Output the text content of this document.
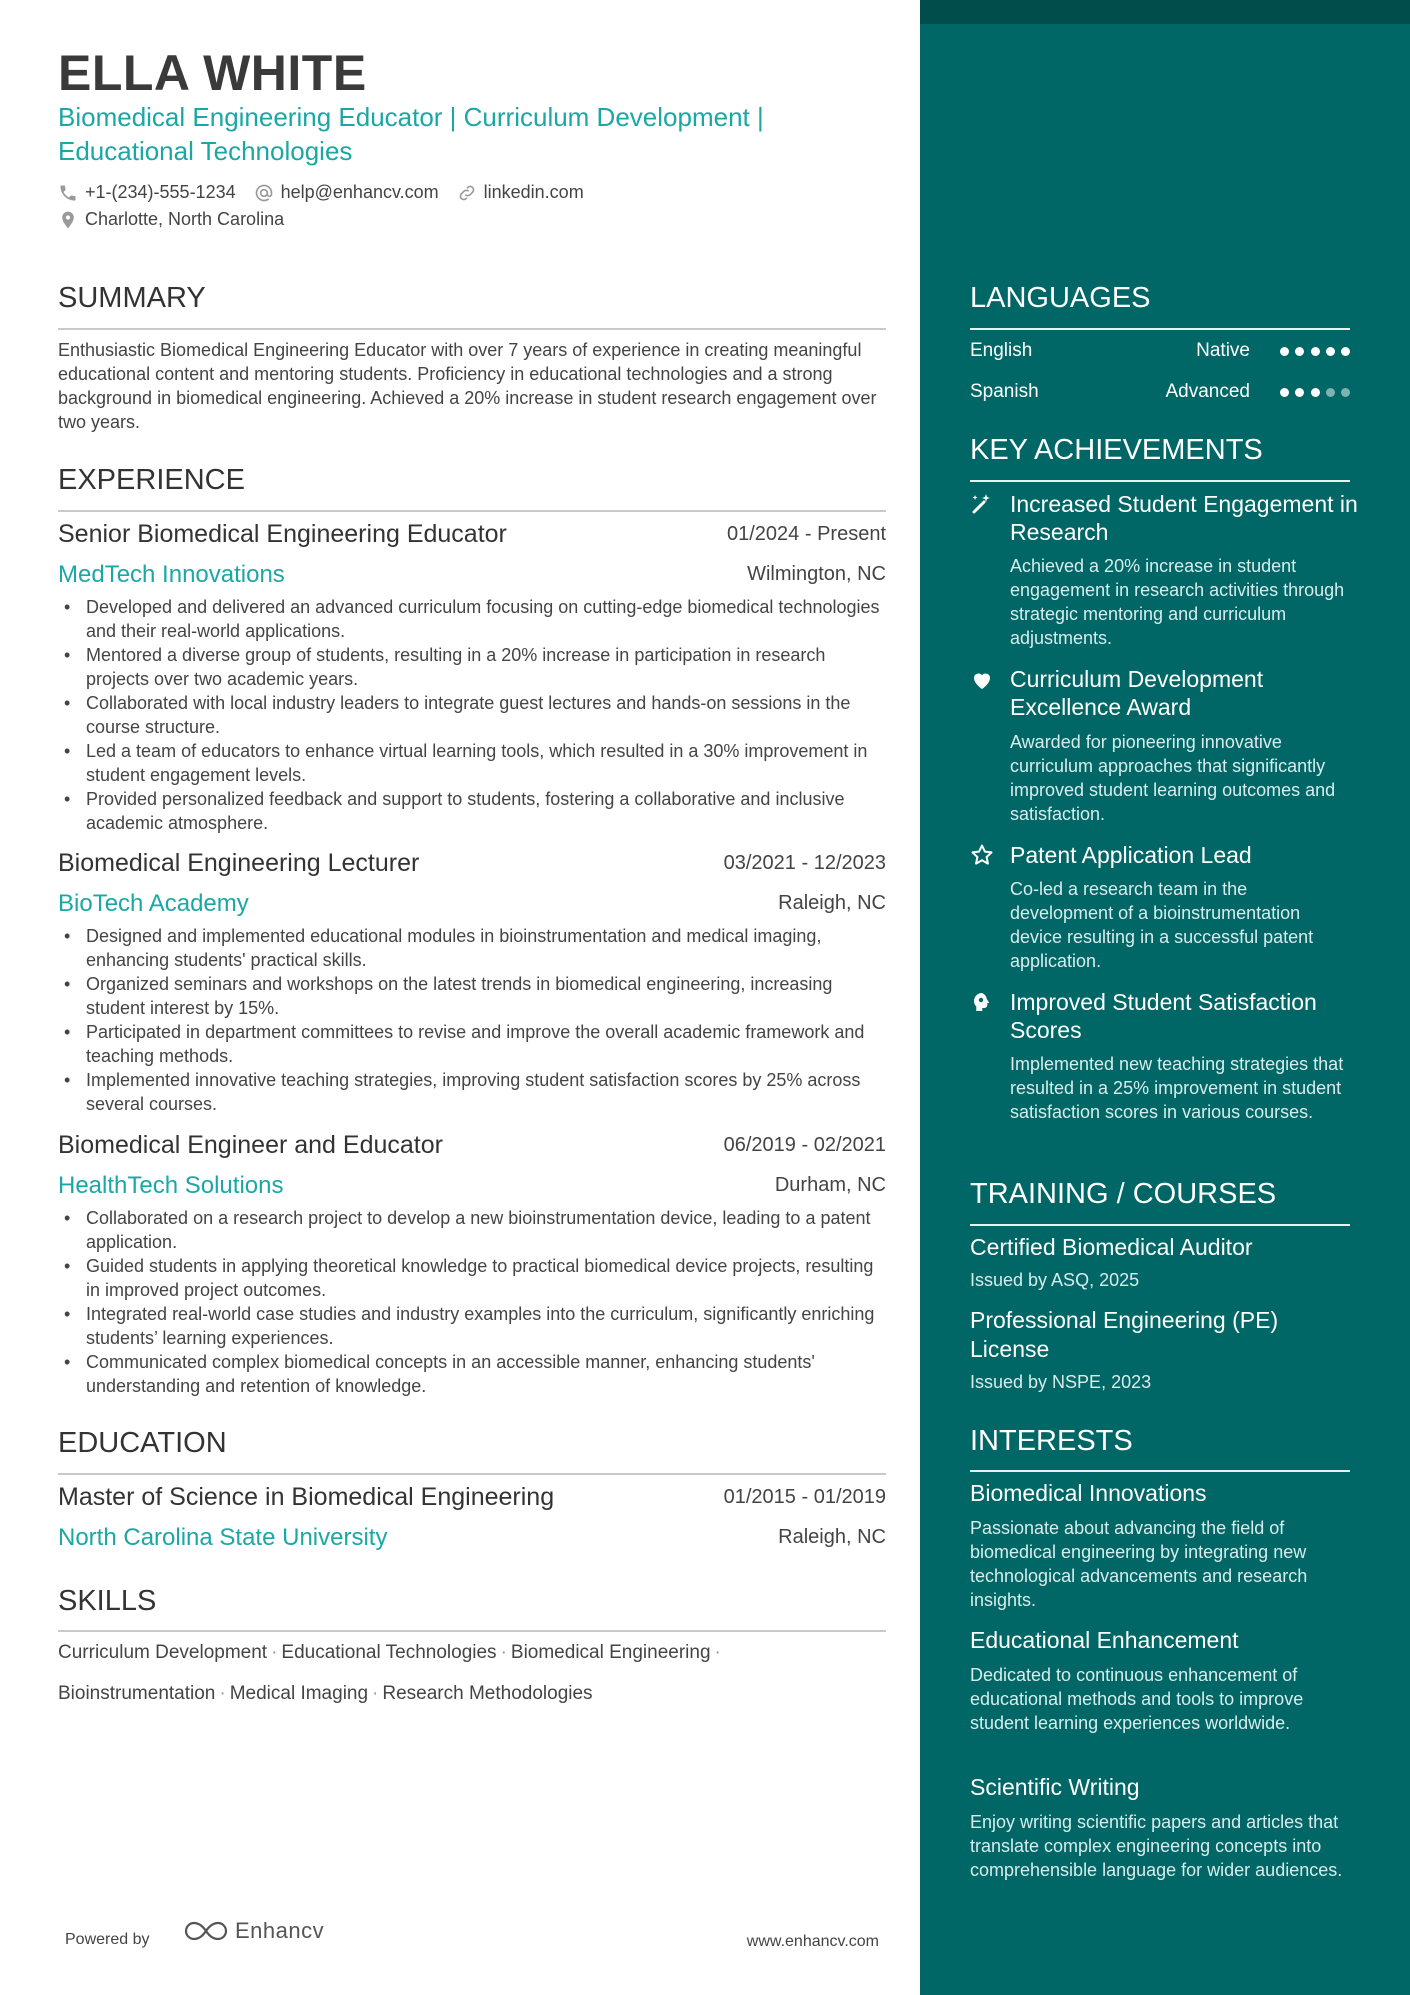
ELLA WHITE
Biomedical Engineering Educator | Curriculum Development |
Educational Technologies
+1-(234)-555-1234	help@enhancv.com	linkedin.com
Charlotte, North Carolina
SUMMARY
Enthusiastic Biomedical Engineering Educator with over 7 years of experience in creating meaningful educational content and mentoring students. Proficiency in educational technologies and a strong background in biomedical engineering. Achieved a 20% increase in student research engagement over two years.
EXPERIENCE
Senior Biomedical Engineering Educator	01/2024 - Present
MedTech Innovations	Wilmington, NC
• Developed and delivered an advanced curriculum focusing on cutting-edge biomedical technologies and their real-world applications.
• Mentored a diverse group of students, resulting in a 20% increase in participation in research projects over two academic years.
• Collaborated with local industry leaders to integrate guest lectures and hands-on sessions in the course structure.
• Led a team of educators to enhance virtual learning tools, which resulted in a 30% improvement in student engagement levels.
• Provided personalized feedback and support to students, fostering a collaborative and inclusive academic atmosphere.
Biomedical Engineering Lecturer	03/2021 - 12/2023
BioTech Academy	Raleigh, NC
• Designed and implemented educational modules in bioinstrumentation and medical imaging, enhancing students' practical skills.
• Organized seminars and workshops on the latest trends in biomedical engineering, increasing student interest by 15%.
• Participated in department committees to revise and improve the overall academic framework and teaching methods.
• Implemented innovative teaching strategies, improving student satisfaction scores by 25% across several courses.
Biomedical Engineer and Educator	06/2019 - 02/2021
HealthTech Solutions	Durham, NC
• Collaborated on a research project to develop a new bioinstrumentation device, leading to a patent application.
• Guided students in applying theoretical knowledge to practical biomedical device projects, resulting in improved project outcomes.
• Integrated real-world case studies and industry examples into the curriculum, significantly enriching students’ learning experiences.
• Communicated complex biomedical concepts in an accessible manner, enhancing students' understanding and retention of knowledge.
EDUCATION
Master of Science in Biomedical Engineering	01/2015 - 01/2019
North Carolina State University	Raleigh, NC
SKILLS
Curriculum Development · Educational Technologies · Biomedical Engineering ·
Bioinstrumentation · Medical Imaging · Research Methodologies
Powered by	Enhancv	www.enhancv.com
LANGUAGES
English	Native
Spanish	Advanced
KEY ACHIEVEMENTS
Increased Student Engagement in Research
Achieved a 20% increase in student engagement in research activities through strategic mentoring and curriculum adjustments.
Curriculum Development Excellence Award
Awarded for pioneering innovative curriculum approaches that significantly improved student learning outcomes and satisfaction.
Patent Application Lead
Co-led a research team in the development of a bioinstrumentation device resulting in a successful patent application.
Improved Student Satisfaction Scores
Implemented new teaching strategies that resulted in a 25% improvement in student satisfaction scores in various courses.
TRAINING / COURSES
Certified Biomedical Auditor
Issued by ASQ, 2025
Professional Engineering (PE) License
Issued by NSPE, 2023
INTERESTS
Biomedical Innovations
Passionate about advancing the field of biomedical engineering by integrating new technological advancements and research insights.
Educational Enhancement
Dedicated to continuous enhancement of educational methods and tools to improve student learning experiences worldwide.
Scientific Writing
Enjoy writing scientific papers and articles that translate complex engineering concepts into comprehensible language for wider audiences.
